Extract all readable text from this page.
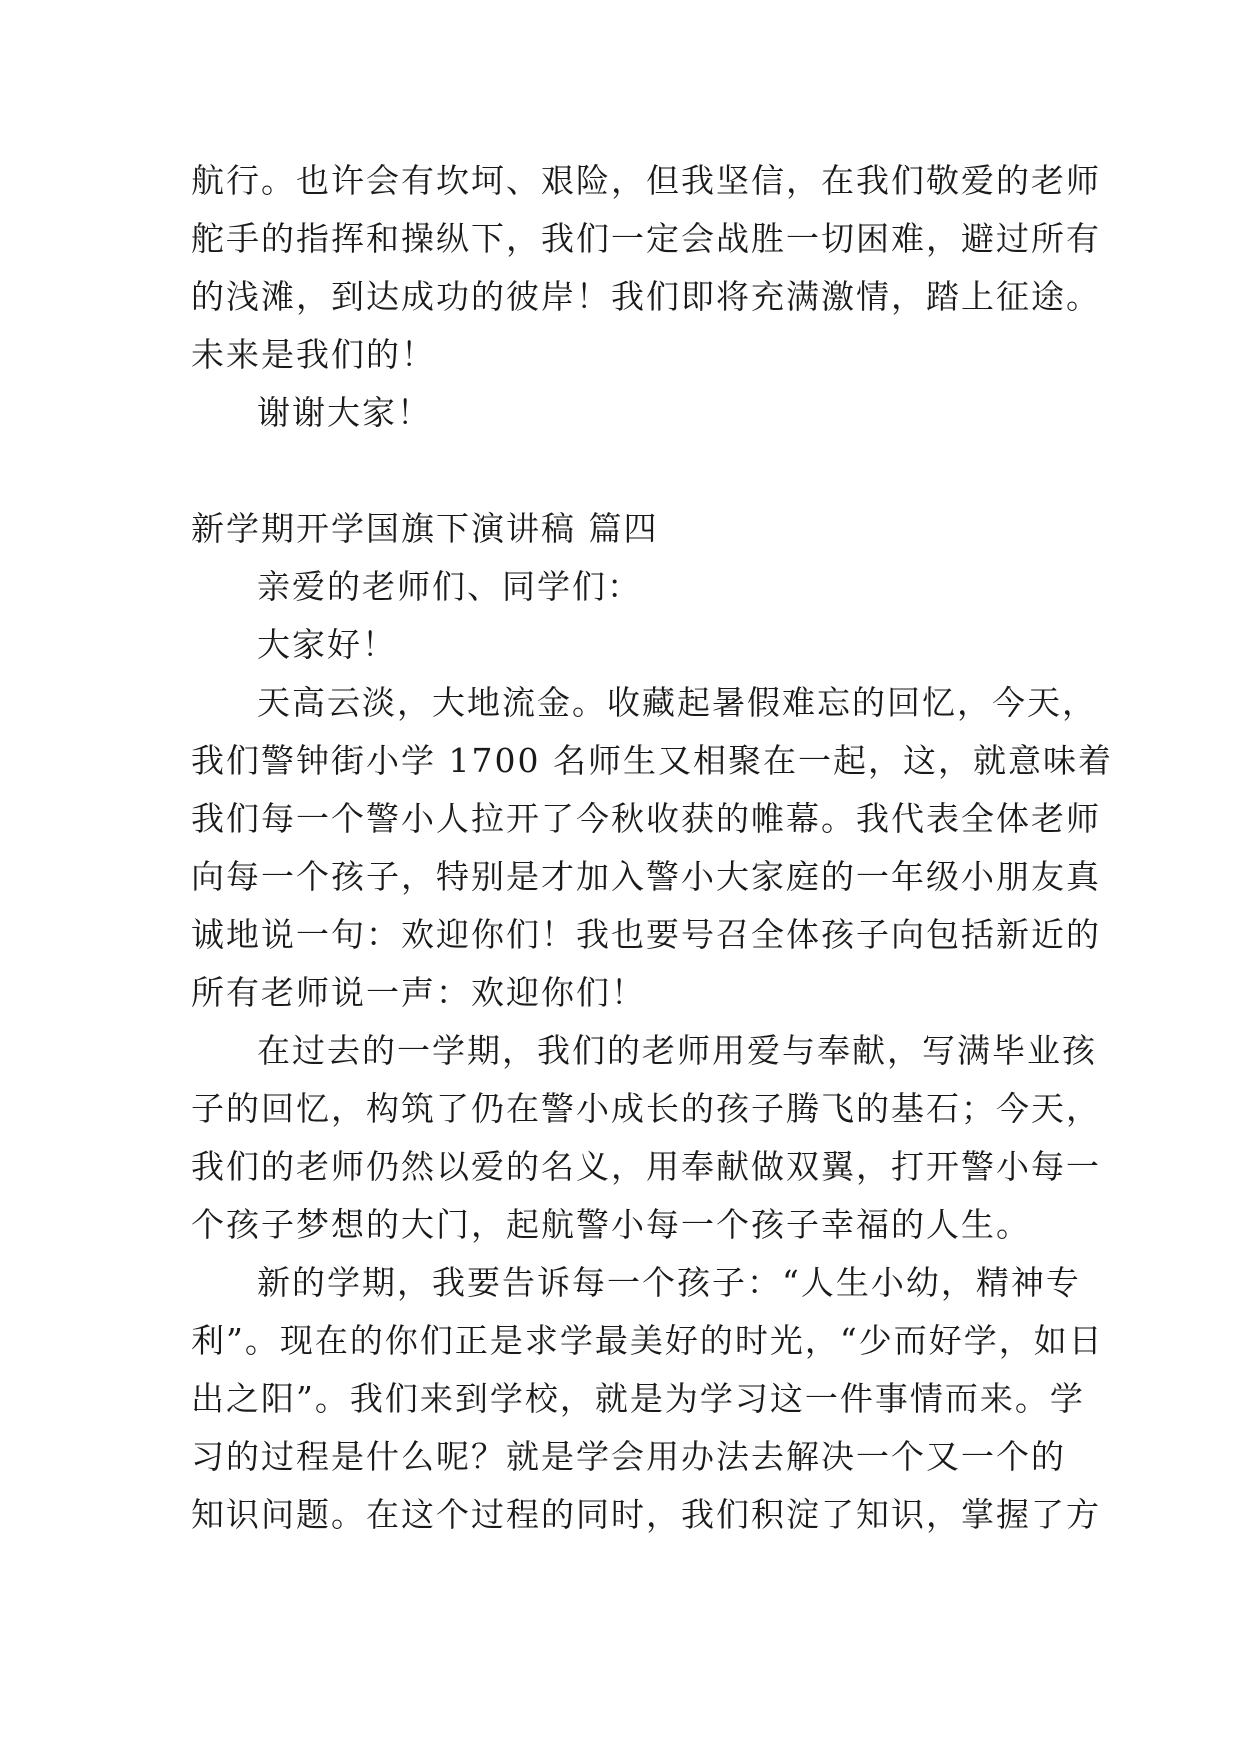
航行。也许会有坎坷、艰险，但我坚信，在我们敬爱的老师
舵手的指挥和操纵下，我们一定会战胜一切困难，避过所有
的浅滩，到达成功的彼岸！我们即将充满激情，踏上征途。
未来是我们的！
谢谢大家！
新学期开学国旗下演讲稿 篇四
亲爱的老师们、同学们：
大家好！
天高云淡，大地流金。收藏起暑假难忘的回忆，今天，
我们警钟街小学 1700 名师生又相聚在一起，这，就意味着
我们每一个警小人拉开了今秋收获的帷幕。我代表全体老师
向每一个孩子，特别是才加入警小大家庭的一年级小朋友真
诚地说一句：欢迎你们！我也要号召全体孩子向包括新近的
所有老师说一声：欢迎你们！
在过去的一学期，我们的老师用爱与奉献，写满毕业孩
子的回忆，构筑了仍在警小成长的孩子腾飞的基石；今天，
我们的老师仍然以爱的名义，用奉献做双翼，打开警小每一
个孩子梦想的大门，起航警小每一个孩子幸福的人生。
新的学期，我要告诉每一个孩子：“人生小幼，精神专
利”。现在的你们正是求学最美好的时光，“少而好学，如日
出之阳”。我们来到学校，就是为学习这一件事情而来。学
习的过程是什么呢？就是学会用办法去解决一个又一个的
知识问题。在这个过程的同时，我们积淀了知识，掌握了方
